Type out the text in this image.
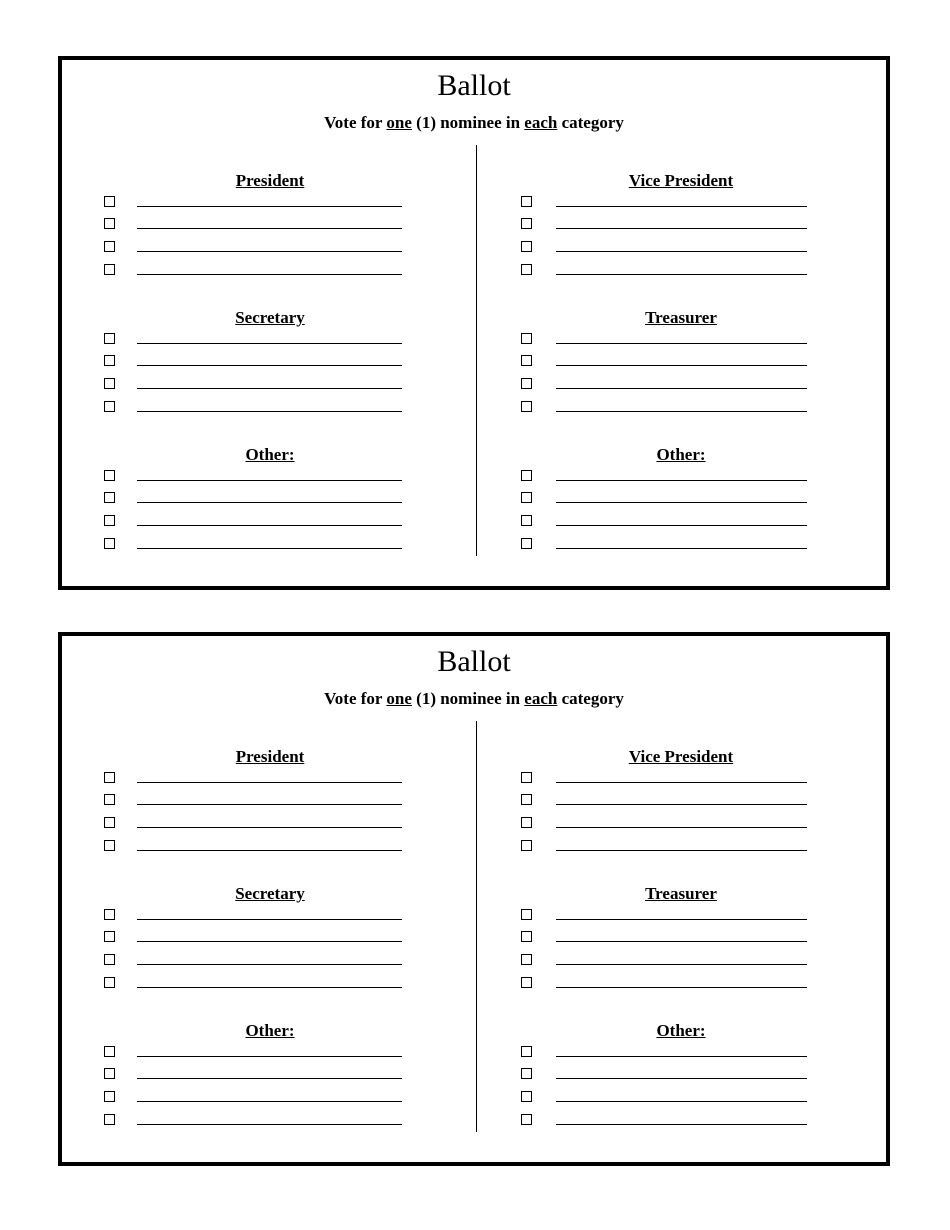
Ballot
Vote for one (1) nominee in each category
President
Secretary
Other:
Vice President
Treasurer
Other:
Ballot
Vote for one (1) nominee in each category
President
Secretary
Other:
Vice President
Treasurer
Other:
